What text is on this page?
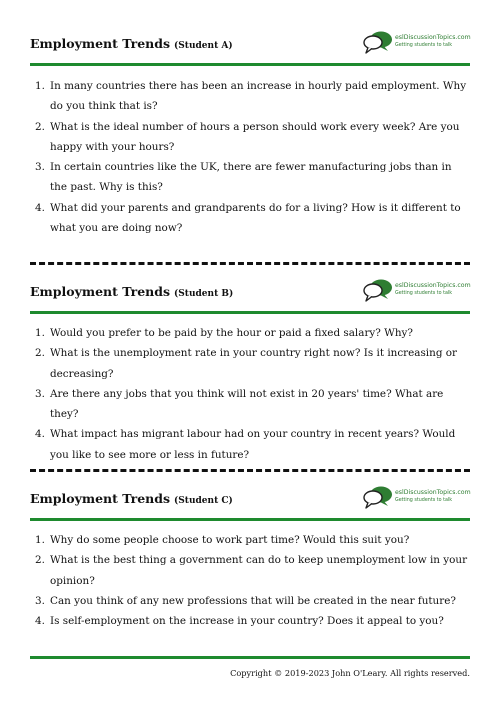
Employment Trends (Student A)
eslDiscussionTopics.com
Getting students to talk
1. In many countries there has been an increase in hourly paid employment. Why do you think that is?
2. What is the ideal number of hours a person should work every week? Are you happy with your hours?
3. In certain countries like the UK, there are fewer manufacturing jobs than in the past. Why is this?
4. What did your parents and grandparents do for a living? How is it different to what you are doing now?
Employment Trends (Student B)
eslDiscussionTopics.com
Getting students to talk
1. Would you prefer to be paid by the hour or paid a fixed salary? Why?
2. What is the unemployment rate in your country right now? Is it increasing or decreasing?
3. Are there any jobs that you think will not exist in 20 years' time? What are they?
4. What impact has migrant labour had on your country in recent years? Would you like to see more or less in future?
Employment Trends (Student C)
eslDiscussionTopics.com
Getting students to talk
1. Why do some people choose to work part time? Would this suit you?
2. What is the best thing a government can do to keep unemployment low in your opinion?
3. Can you think of any new professions that will be created in the near future?
4. Is self-employment on the increase in your country? Does it appeal to you?
Copyright © 2019-2023 John O'Leary. All rights reserved.
